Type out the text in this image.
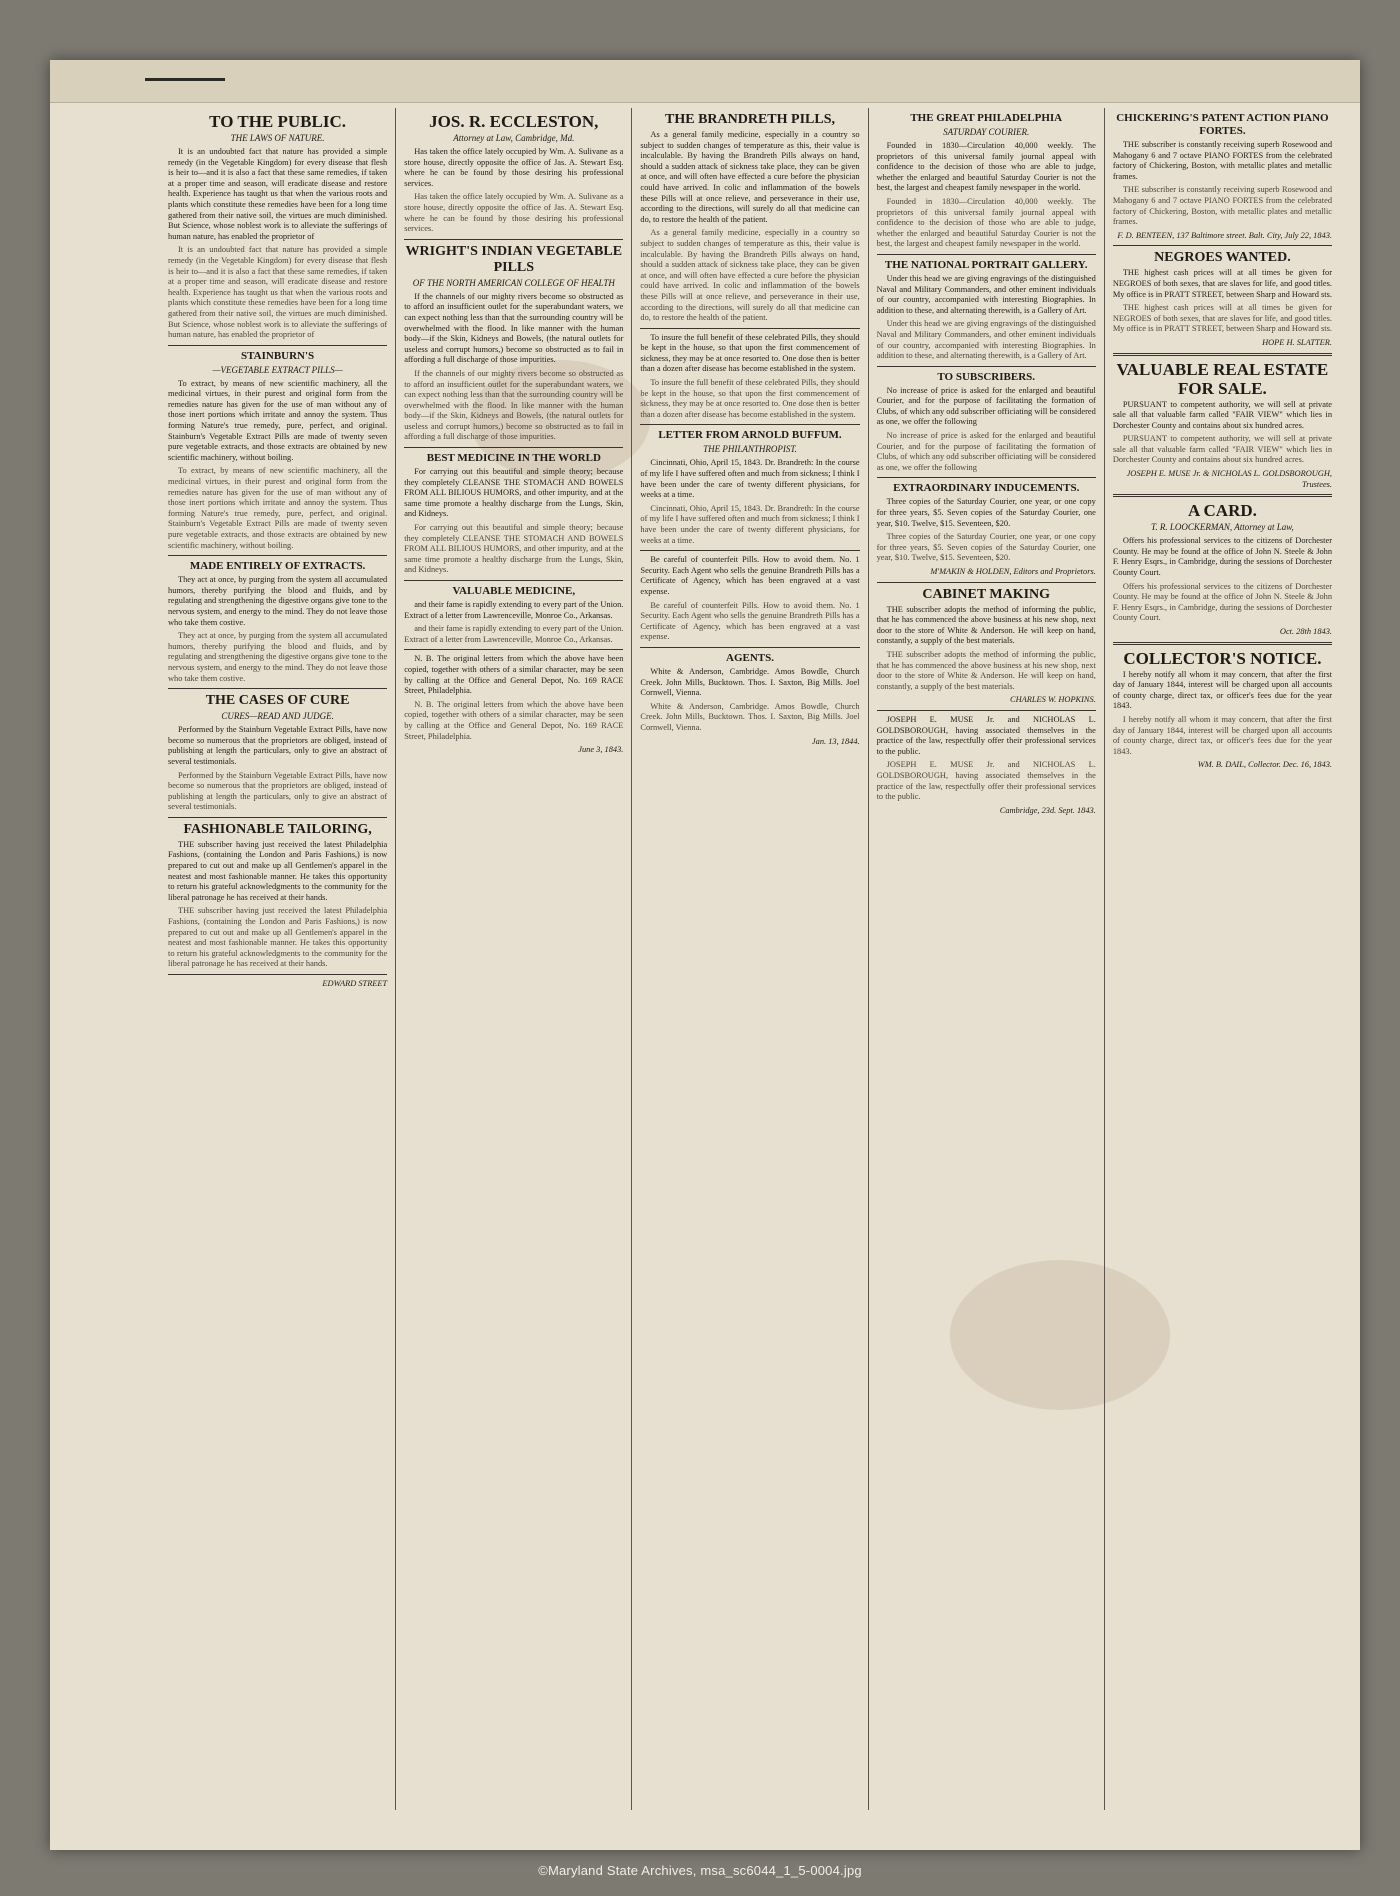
TO THE PUBLIC.
THE LAWS OF NATURE.

It is an undoubted fact that nature has provided a simple remedy (in the Vegetable Kingdom) for every disease that flesh is heir to—and it is also a fact that these same remedies, if taken at a proper time and season, will eradicate disease and restore health. Experience has taught us that when the various roots and plants which constitute these remedies have been for a long time gathered from their native soil, the virtues are much diminished. But Science, whose noblest work is to alleviate the sufferings of human nature, has enabled the proprietor of

It is an undoubted fact that nature has provided a simple remedy (in the Vegetable Kingdom) for every disease that flesh is heir to—and it is also a fact that these same remedies, if taken at a proper time and season, will eradicate disease and restore health. Experience has taught us that when the various roots and plants which constitute these remedies have been for a long time gathered from their native soil, the virtues are much diminished. But Science, whose noblest work is to alleviate the sufferings of human nature, has enabled the proprietor of

STAINBURN'S
—VEGETABLE EXTRACT PILLS—

To extract, by means of new scientific machinery, all the medicinal virtues, in their purest and original form from the remedies nature has given for the use of man without any of those inert portions which irritate and annoy the system. Thus forming Nature's true remedy, pure, perfect, and original. Stainburn's Vegetable Extract Pills are made of twenty seven pure vegetable extracts, and those extracts are obtained by new scientific machinery, without boiling.

To extract, by means of new scientific machinery, all the medicinal virtues, in their purest and original form from the remedies nature has given for the use of man without any of those inert portions which irritate and annoy the system. Thus forming Nature's true remedy, pure, perfect, and original. Stainburn's Vegetable Extract Pills are made of twenty seven pure vegetable extracts, and those extracts are obtained by new scientific machinery, without boiling.

MADE ENTIRELY OF EXTRACTS.

They act at once, by purging from the system all accumulated humors, thereby purifying the blood and fluids, and by regulating and strengthening the digestive organs give tone to the nervous system, and energy to the mind. They do not leave those who take them costive.

They act at once, by purging from the system all accumulated humors, thereby purifying the blood and fluids, and by regulating and strengthening the digestive organs give tone to the nervous system, and energy to the mind. They do not leave those who take them costive.

THE CASES OF CURE
CURES—READ AND JUDGE.

Performed by the Stainburn Vegetable Extract Pills, have now become so numerous that the proprietors are obliged, instead of publishing at length the particulars, only to give an abstract of several testimonials.

Performed by the Stainburn Vegetable Extract Pills, have now become so numerous that the proprietors are obliged, instead of publishing at length the particulars, only to give an abstract of several testimonials.

FASHIONABLE TAILORING,

THE subscriber having just received the latest Philadelphia Fashions, (containing the London and Paris Fashions,) is now prepared to cut out and make up all Gentlemen's apparel in the neatest and most fashionable manner. He takes this opportunity to return his grateful acknowledgments to the community for the liberal patronage he has received at their hands.

THE subscriber having just received the latest Philadelphia Fashions, (containing the London and Paris Fashions,) is now prepared to cut out and make up all Gentlemen's apparel in the neatest and most fashionable manner. He takes this opportunity to return his grateful acknowledgments to the community for the liberal patronage he has received at their hands.

EDWARD STREET
JOS. R. ECCLESTON,
Attorney at Law, Cambridge, Md.

Has taken the office lately occupied by Wm. A. Sulivane as a store house, directly opposite the office of Jas. A. Stewart Esq. where he can be found by those desiring his professional services.

Has taken the office lately occupied by Wm. A. Sulivane as a store house, directly opposite the office of Jas. A. Stewart Esq. where he can be found by those desiring his professional services.

WRIGHT'S INDIAN VEGETABLE PILLS
OF THE NORTH AMERICAN COLLEGE OF HEALTH

If the channels of our mighty rivers become so obstructed as to afford an insufficient outlet for the superabundant waters, we can expect nothing less than that the surrounding country will be overwhelmed with the flood. In like manner with the human body—if the Skin, Kidneys and Bowels, (the natural outlets for useless and corrupt humors,) become so obstructed as to fail in affording a full discharge of those impurities.

If the channels of our mighty rivers become so obstructed as to afford an insufficient outlet for the superabundant waters, we can expect nothing less than that the surrounding country will be overwhelmed with the flood. In like manner with the human body—if the Skin, Kidneys and Bowels, (the natural outlets for useless and corrupt humors,) become so obstructed as to fail in affording a full discharge of those impurities.

BEST MEDICINE IN THE WORLD

For carrying out this beautiful and simple theory; because they completely CLEANSE THE STOMACH AND BOWELS FROM ALL BILIOUS HUMORS, and other impurity, and at the same time promote a healthy discharge from the Lungs, Skin, and Kidneys.

For carrying out this beautiful and simple theory; because they completely CLEANSE THE STOMACH AND BOWELS FROM ALL BILIOUS HUMORS, and other impurity, and at the same time promote a healthy discharge from the Lungs, Skin, and Kidneys.

VALUABLE MEDICINE,

and their fame is rapidly extending to every part of the Union. Extract of a letter from Lawrenceville, Monroe Co., Arkansas.

and their fame is rapidly extending to every part of the Union. Extract of a letter from Lawrenceville, Monroe Co., Arkansas.

N. B. The original letters from which the above have been copied, together with others of a similar character, may be seen by calling at the Office and General Depot, No. 169 RACE Street, Philadelphia.

N. B. The original letters from which the above have been copied, together with others of a similar character, may be seen by calling at the Office and General Depot, No. 169 RACE Street, Philadelphia.

June 3, 1843.
THE BRANDRETH PILLS,

As a general family medicine, especially in a country so subject to sudden changes of temperature as this, their value is incalculable. By having the Brandreth Pills always on hand, should a sudden attack of sickness take place, they can be given at once, and will often have effected a cure before the physician could have arrived. In colic and inflammation of the bowels these Pills will at once relieve, and perseverance in their use, according to the directions, will surely do all that medicine can do, to restore the health of the patient.

As a general family medicine, especially in a country so subject to sudden changes of temperature as this, their value is incalculable. By having the Brandreth Pills always on hand, should a sudden attack of sickness take place, they can be given at once, and will often have effected a cure before the physician could have arrived. In colic and inflammation of the bowels these Pills will at once relieve, and perseverance in their use, according to the directions, will surely do all that medicine can do, to restore the health of the patient.

To insure the full benefit of these celebrated Pills, they should be kept in the house, so that upon the first commencement of sickness, they may be at once resorted to. One dose then is better than a dozen after disease has become established in the system.

To insure the full benefit of these celebrated Pills, they should be kept in the house, so that upon the first commencement of sickness, they may be at once resorted to. One dose then is better than a dozen after disease has become established in the system.

LETTER FROM ARNOLD BUFFUM.
THE PHILANTHROPIST.

Cincinnati, Ohio, April 15, 1843. Dr. Brandreth: In the course of my life I have suffered often and much from sickness; I think I have been under the care of twenty different physicians, for weeks at a time.

Cincinnati, Ohio, April 15, 1843. Dr. Brandreth: In the course of my life I have suffered often and much from sickness; I think I have been under the care of twenty different physicians, for weeks at a time.

Be careful of counterfeit Pills. How to avoid them. No. 1 Security. Each Agent who sells the genuine Brandreth Pills has a Certificate of Agency, which has been engraved at a vast expense.

Be careful of counterfeit Pills. How to avoid them. No. 1 Security. Each Agent who sells the genuine Brandreth Pills has a Certificate of Agency, which has been engraved at a vast expense.

AGENTS.

White & Anderson, Cambridge. Amos Bowdle, Church Creek. John Mills, Bucktown. Thos. I. Saxton, Big Mills. Joel Cornwell, Vienna.

White & Anderson, Cambridge. Amos Bowdle, Church Creek. John Mills, Bucktown. Thos. I. Saxton, Big Mills. Joel Cornwell, Vienna.

Jan. 13, 1844.
THE GREAT PHILADELPHIA
SATURDAY COURIER.

Founded in 1830—Circulation 40,000 weekly. The proprietors of this universal family journal appeal with confidence to the decision of those who are able to judge, whether the enlarged and beautiful Saturday Courier is not the best, the largest and cheapest family newspaper in the world.

Founded in 1830—Circulation 40,000 weekly. The proprietors of this universal family journal appeal with confidence to the decision of those who are able to judge, whether the enlarged and beautiful Saturday Courier is not the best, the largest and cheapest family newspaper in the world.

THE NATIONAL PORTRAIT GALLERY.

Under this head we are giving engravings of the distinguished Naval and Military Commanders, and other eminent individuals of our country, accompanied with interesting Biographies. In addition to these, and alternating therewith, is a Gallery of Art.

Under this head we are giving engravings of the distinguished Naval and Military Commanders, and other eminent individuals of our country, accompanied with interesting Biographies. In addition to these, and alternating therewith, is a Gallery of Art.

TO SUBSCRIBERS.

No increase of price is asked for the enlarged and beautiful Courier, and for the purpose of facilitating the formation of Clubs, of which any odd subscriber officiating will be considered as one, we offer the following

No increase of price is asked for the enlarged and beautiful Courier, and for the purpose of facilitating the formation of Clubs, of which any odd subscriber officiating will be considered as one, we offer the following

EXTRAORDINARY INDUCEMENTS.

Three copies of the Saturday Courier, one year, or one copy for three years, $5. Seven copies of the Saturday Courier, one year, $10. Twelve, $15. Seventeen, $20.

Three copies of the Saturday Courier, one year, or one copy for three years, $5. Seven copies of the Saturday Courier, one year, $10. Twelve, $15. Seventeen, $20.

M'MAKIN & HOLDEN, Editors and Proprietors.
CABINET MAKING

THE subscriber adopts the method of informing the public, that he has commenced the above business at his new shop, next door to the store of White & Anderson. He will keep on hand, constantly, a supply of the best materials.

THE subscriber adopts the method of informing the public, that he has commenced the above business at his new shop, next door to the store of White & Anderson. He will keep on hand, constantly, a supply of the best materials.

CHARLES W. HOPKINS.

JOSEPH E. MUSE Jr. and NICHOLAS L. GOLDSBOROUGH, having associated themselves in the practice of the law, respectfully offer their professional services to the public.

JOSEPH E. MUSE Jr. and NICHOLAS L. GOLDSBOROUGH, having associated themselves in the practice of the law, respectfully offer their professional services to the public.

Cambridge, 23d. Sept. 1843.
CHICKERING'S PATENT ACTION PIANO FORTES.

THE subscriber is constantly receiving superb Rosewood and Mahogany 6 and 7 octave PIANO FORTES from the celebrated factory of Chickering, Boston, with metallic plates and metallic frames.

THE subscriber is constantly receiving superb Rosewood and Mahogany 6 and 7 octave PIANO FORTES from the celebrated factory of Chickering, Boston, with metallic plates and metallic frames.

F. D. BENTEEN, 137 Baltimore street. Balt. City, July 22, 1843.
NEGROES WANTED.

THE highest cash prices will at all times be given for NEGROES of both sexes, that are slaves for life, and good titles. My office is in PRATT STREET, between Sharp and Howard sts.

THE highest cash prices will at all times be given for NEGROES of both sexes, that are slaves for life, and good titles. My office is in PRATT STREET, between Sharp and Howard sts.

HOPE H. SLATTER.
VALUABLE REAL ESTATE FOR SALE.

PURSUANT to competent authority, we will sell at private sale all that valuable farm called "FAIR VIEW" which lies in Dorchester County and contains about six hundred acres.

PURSUANT to competent authority, we will sell at private sale all that valuable farm called "FAIR VIEW" which lies in Dorchester County and contains about six hundred acres.

JOSEPH E. MUSE Jr. & NICHOLAS L. GOLDSBOROUGH, Trustees.
A CARD.
T. R. LOOCKERMAN, Attorney at Law,

Offers his professional services to the citizens of Dorchester County. He may be found at the office of John N. Steele & John F. Henry Esqrs., in Cambridge, during the sessions of Dorchester County Court.

Offers his professional services to the citizens of Dorchester County. He may be found at the office of John N. Steele & John F. Henry Esqrs., in Cambridge, during the sessions of Dorchester County Court.

Oct. 28th 1843.
COLLECTOR'S NOTICE.

I hereby notify all whom it may concern, that after the first day of January 1844, interest will be charged upon all accounts of county charge, direct tax, or officer's fees due for the year 1843.

I hereby notify all whom it may concern, that after the first day of January 1844, interest will be charged upon all accounts of county charge, direct tax, or officer's fees due for the year 1843.

WM. B. DAIL, Collector. Dec. 16, 1843.
©Maryland State Archives, msa_sc6044_1_5-0004.jpg
